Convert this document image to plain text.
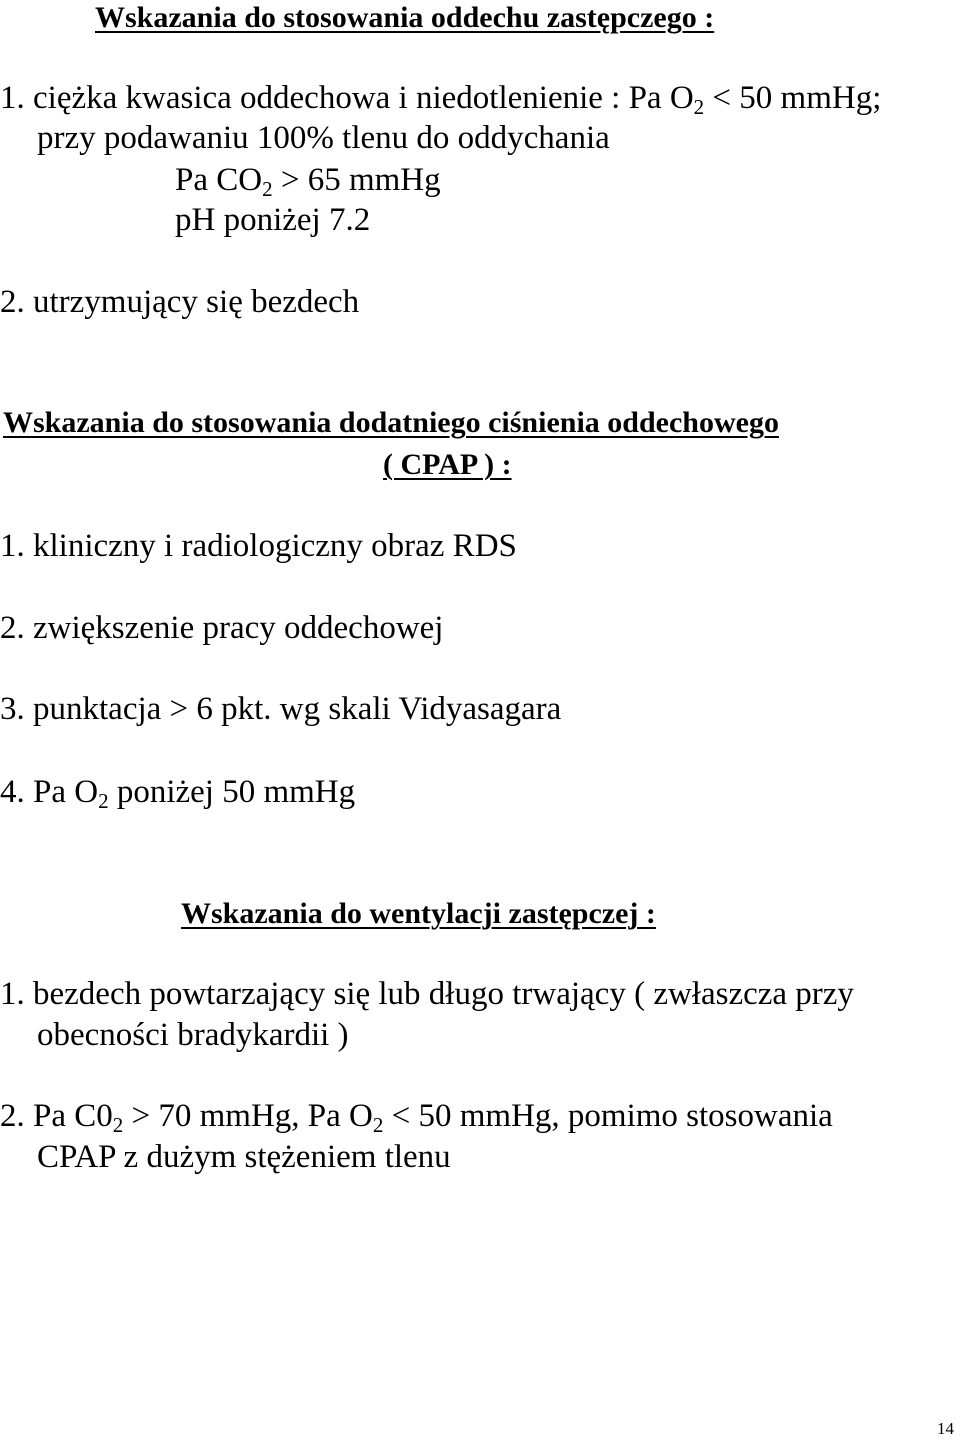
Wskazania do stosowania oddechu zastępczego :
1. ciężka kwasica oddechowa i niedotlenienie : Pa $O_2 < 50$ mmHg;
przy podawaniu 100% tlenu do oddychania
Pa $CO_2 > 65$ mmHg
pH poniżej 7.2
2. utrzymujący się bezdech
Wskazania do stosowania dodatniego ciśnienia oddechowego
( CPAP ) :
1. kliniczny i radiologiczny obraz RDS
2. zwiększenie pracy oddechowej
3. punktacja > 6 pkt. wg skali Vidyasagara
4. Pa $O_2$ poniżej 50 mmHg
Wskazania do wentylacji zastępczej :
1. bezdech powtarzający się lub długo trwający ( zwłaszcza przy
obecności bradykardii )
2. Pa $C0_2 > 70$ mmHg, Pa $O_2 < 50$ mmHg, pomimo stosowania
CPAP z dużym stężeniem tlenu
14
